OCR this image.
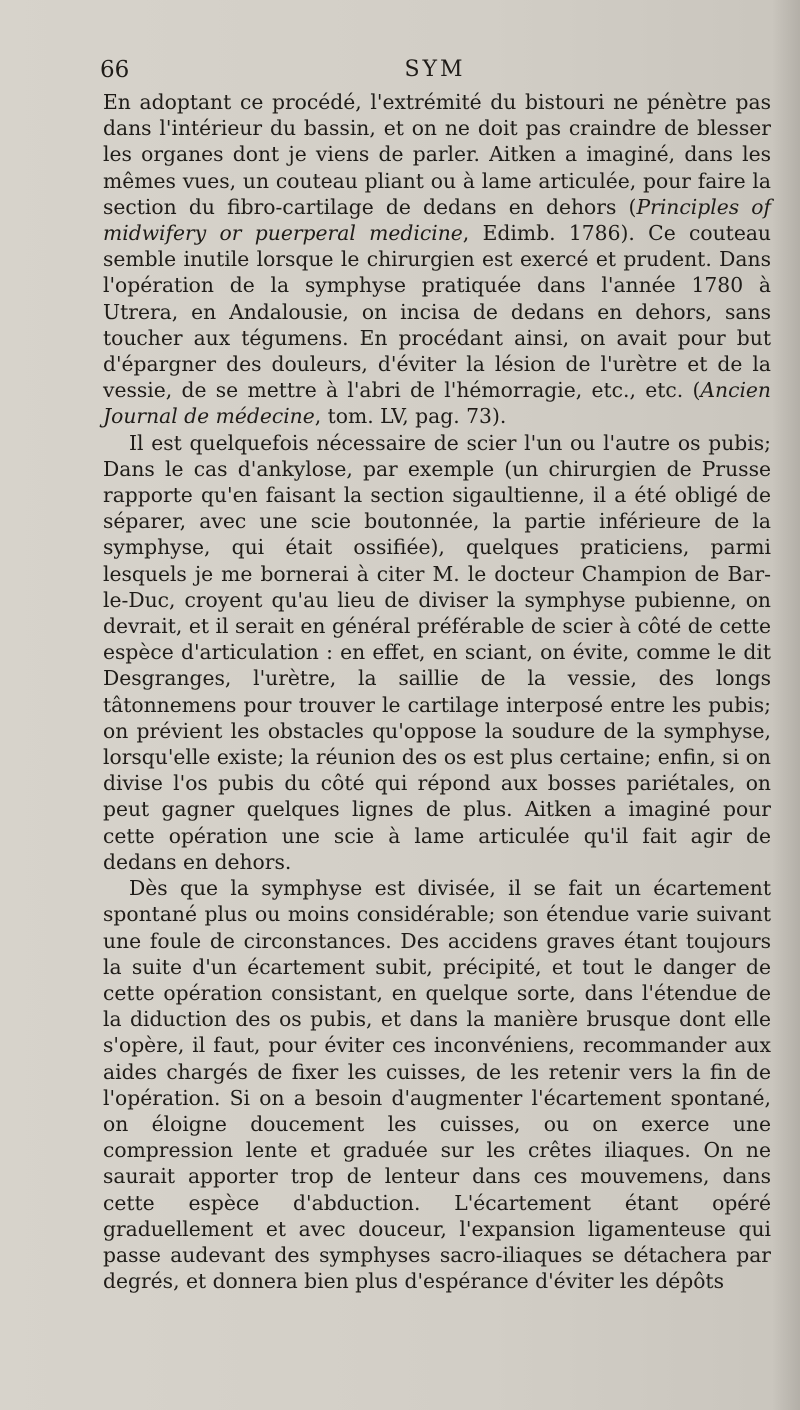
66	SYM

En adoptant ce procédé, l'extrémité du bistouri ne pénètre pas dans l'intérieur du bassin, et on ne doit pas craindre de blesser les organes dont je viens de parler. Aitken a imaginé, dans les mêmes vues, un couteau pliant ou à lame articulée, pour faire la section du fibro-cartilage de dedans en dehors (Principles of midwifery or puerperal medicine, Edimb. 1786). Ce couteau semble inutile lorsque le chirurgien est exercé et prudent. Dans l'opération de la symphyse pratiquée dans l'année 1780 à Utrera, en Andalousie, on incisa de dedans en dehors, sans toucher aux tégumens. En procédant ainsi, on avait pour but d'épargner des douleurs, d'éviter la lésion de l'urètre et de la vessie, de se mettre à l'abri de l'hémorragie, etc., etc. (Ancien Journal de médecine, tom. LV, pag. 73).

Il est quelquefois nécessaire de scier l'un ou l'autre os pubis; Dans le cas d'ankylose, par exemple (un chirurgien de Prusse rapporte qu'en faisant la section sigaultienne, il a été obligé de séparer, avec une scie boutonnée, la partie inférieure de la symphyse, qui était ossifiée), quelques praticiens, parmi lesquels je me bornerai à citer M. le docteur Champion de Bar-le-Duc, croyent qu'au lieu de diviser la symphyse pubienne, on devrait, et il serait en général préférable de scier à côté de cette espèce d'articulation : en effet, en sciant, on évite, comme le dit Desgranges, l'urètre, la saillie de la vessie, des longs tâtonnemens pour trouver le cartilage interposé entre les pubis; on prévient les obstacles qu'oppose la soudure de la symphyse, lorsqu'elle existe; la réunion des os est plus certaine; enfin, si on divise l'os pubis du côté qui répond aux bosses pariétales, on peut gagner quelques lignes de plus. Aitken a imaginé pour cette opération une scie à lame articulée qu'il fait agir de dedans en dehors.

Dès que la symphyse est divisée, il se fait un écartement spontané plus ou moins considérable; son étendue varie suivant une foule de circonstances. Des accidens graves étant toujours la suite d'un écartement subit, précipité, et tout le danger de cette opération consistant, en quelque sorte, dans l'étendue de la diduction des os pubis, et dans la manière brusque dont elle s'opère, il faut, pour éviter ces inconvéniens, recommander aux aides chargés de fixer les cuisses, de les retenir vers la fin de l'opération. Si on a besoin d'augmenter l'écartement spontané, on éloigne doucement les cuisses, ou on exerce une compression lente et graduée sur les crêtes iliaques. On ne saurait apporter trop de lenteur dans ces mouvemens, dans cette espèce d'abduction. L'écartement étant opéré graduellement et avec douceur, l'expansion ligamenteuse qui passe audevant des symphyses sacro-iliaques se détachera par degrés, et donnera bien plus d'espérance d'éviter les dépôts
